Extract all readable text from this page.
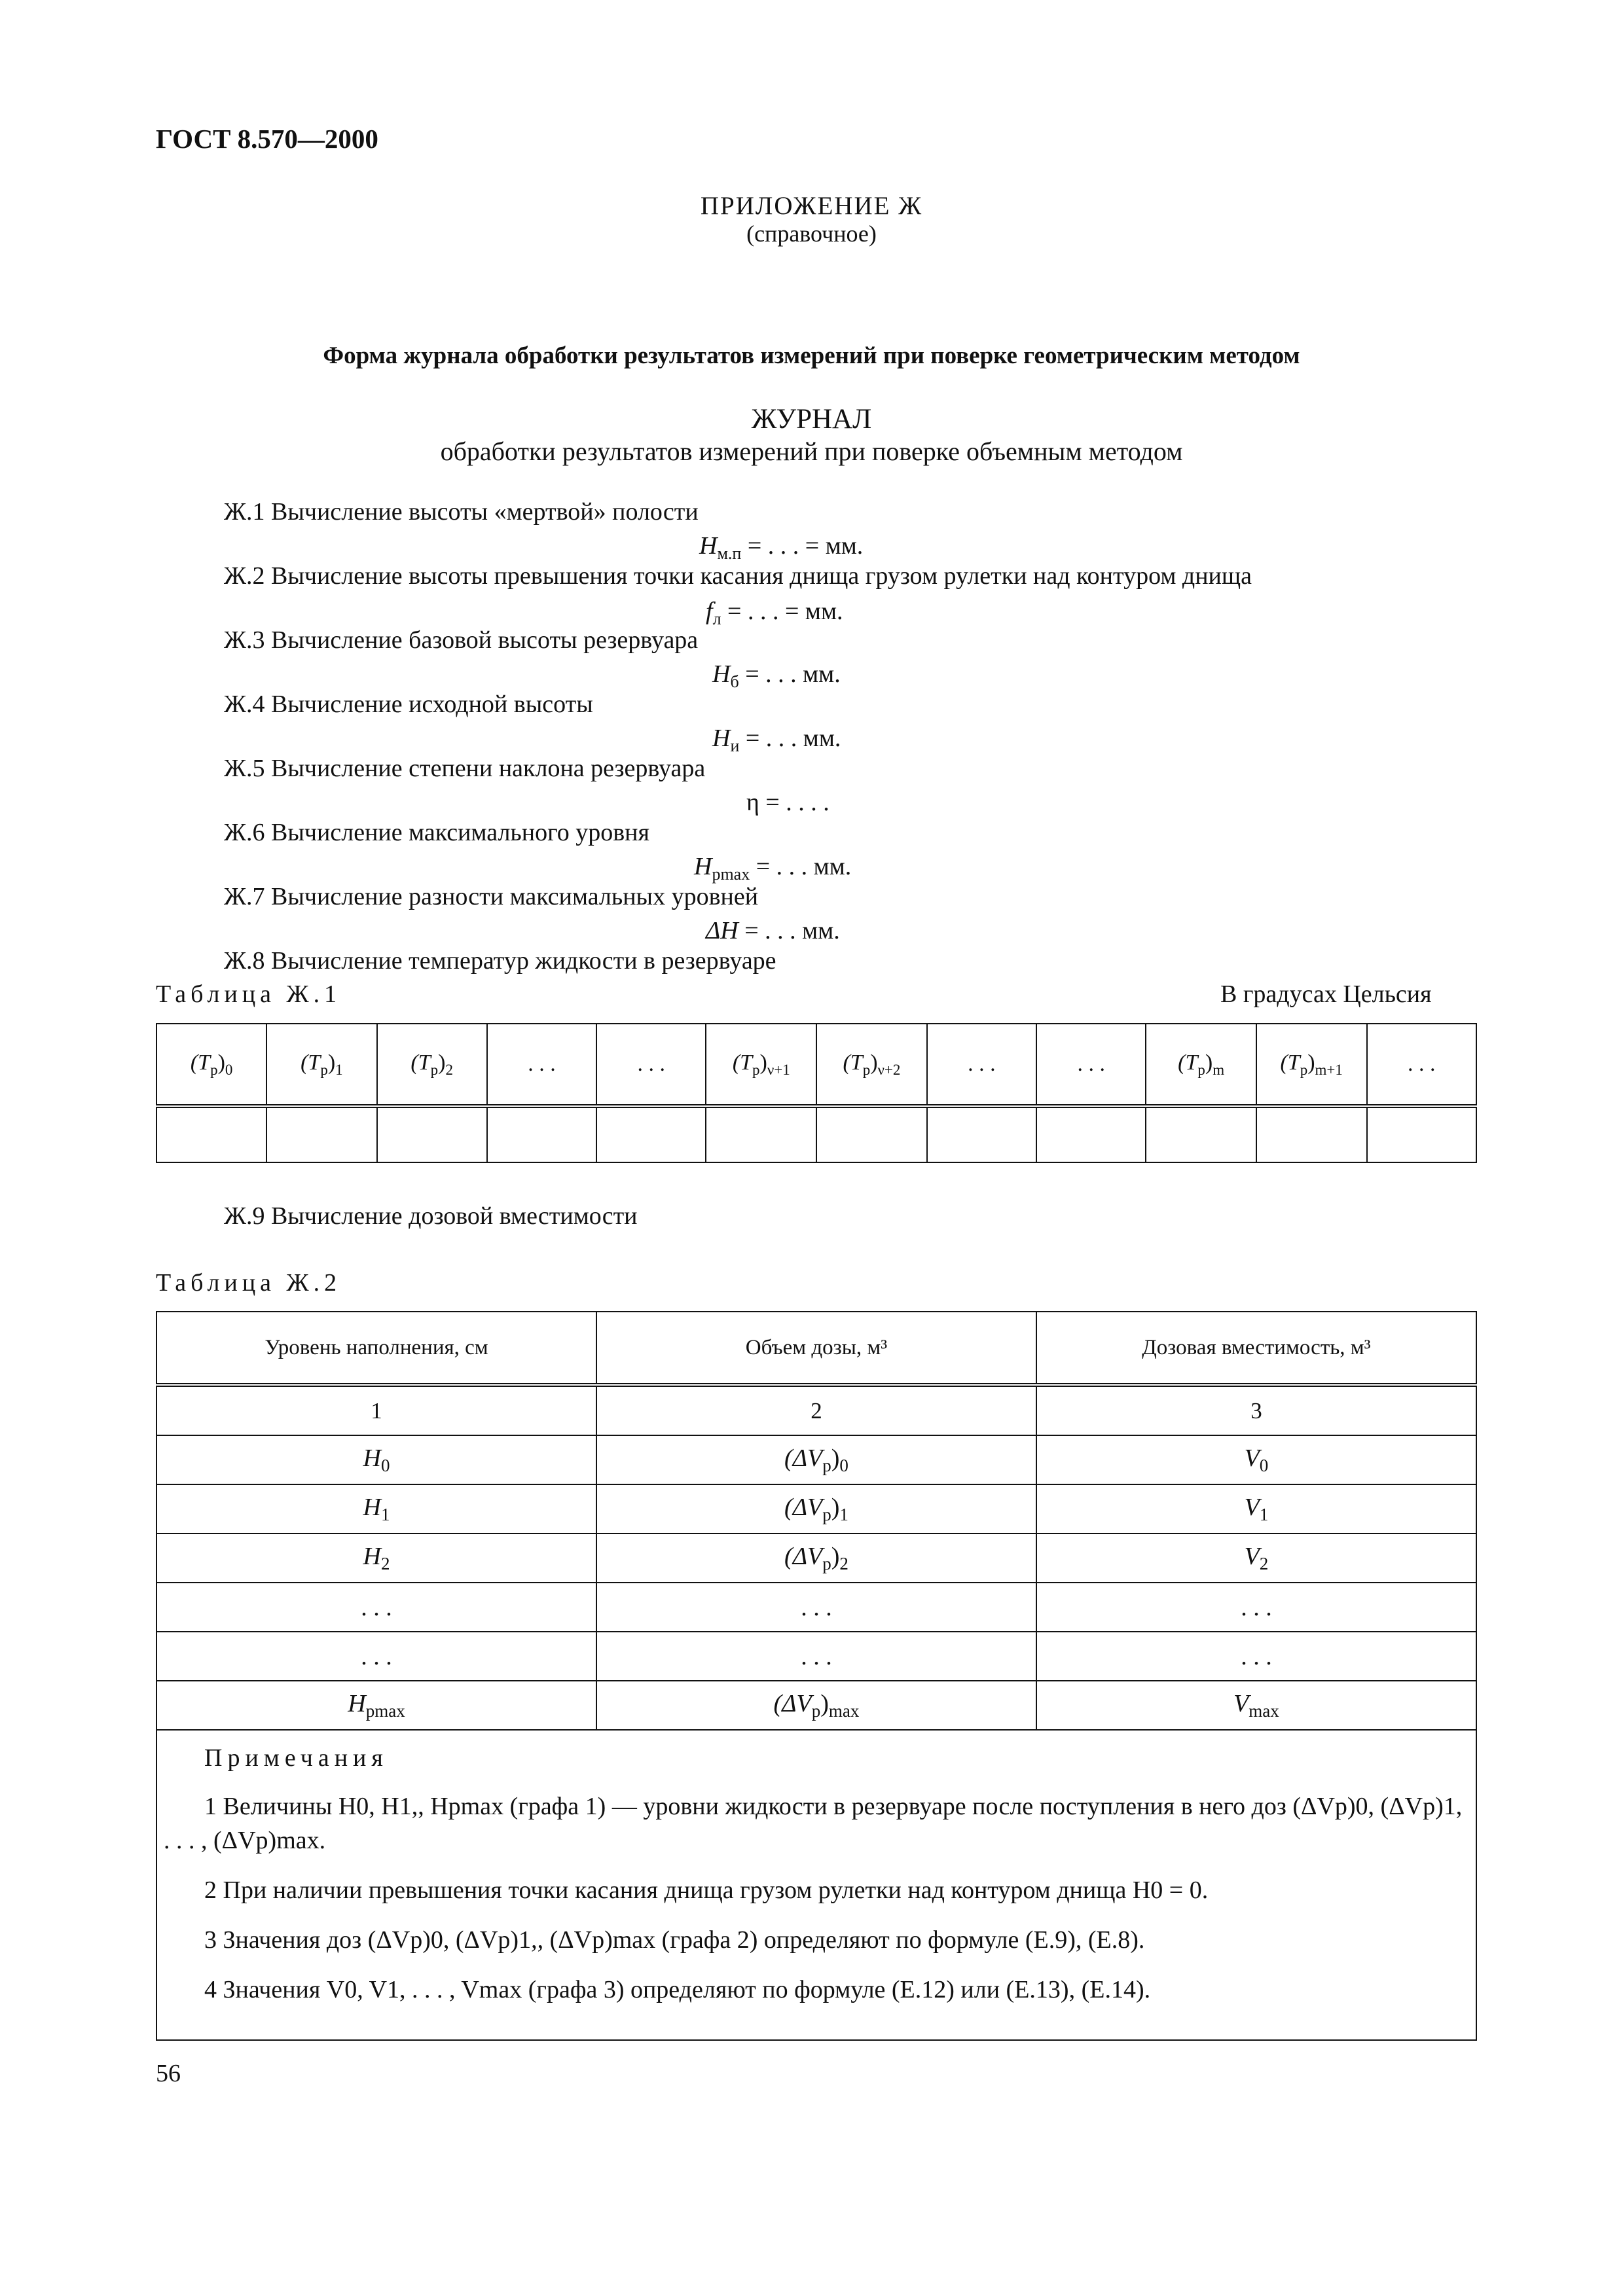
ГОСТ 8.570—2000
ПРИЛОЖЕНИЕ Ж
(справочное)
Форма журнала обработки результатов измерений при поверке геометрическим методом
ЖУРНАЛ
обработки результатов измерений при поверке объемным методом
Ж.1 Вычисление высоты «мертвой» полости
$H_{м.п}$ = . . . = мм.
Ж.2 Вычисление высоты превышения точки касания днища грузом рулетки над контуром днища
$f_л$ = . . . = мм.
Ж.3 Вычисление базовой высоты резервуара
$H_б$ = . . . мм.
Ж.4 Вычисление исходной высоты
$H_и$ = . . . мм.
Ж.5 Вычисление степени наклона резервуара
η = . . . .
Ж.6 Вычисление максимального уровня
$H_{pmax}$ = . . . мм.
Ж.7 Вычисление разности максимальных уровней
ΔH = . . . мм.
Ж.8 Вычисление температур жидкости в резервуаре
Таблица Ж.1	В градусах Цельсия
$(T_р)_0$	$(T_р)_1$	$(T_р)_2$	. . .	. . .	$(T_р)_{\nu+1}$	$(T_р)_{\nu+2}$	. . .	. . .	$(T_р)_m$	$(T_р)_{m+1}$	. . .

Ж.9 Вычисление дозовой вместимости
Таблица Ж.2
Уровень наполнения, см	Объем дозы, м³	Дозовая вместимость, м³
1	2	3
$H_0$	$(\Delta V_р)_0$	$V_0$
$H_1$	$(\Delta V_р)_1$	$V_1$
$H_2$	$(\Delta V_р)_2$	$V_2$
. . .	. . .	. . .
. . .	. . .	. . .
$H_{pmax}$	$(\Delta V_р)_{max}$	$V_{max}$

Примечания
1 Величины H0, H1,, Hpmax (графа 1) — уровни жидкости в резервуаре после поступления в него доз (ΔVр)0, (ΔVр)1, . . . , (ΔVр)max.
2 При наличии превышения точки касания днища грузом рулетки над контуром днища H0 = 0.
3 Значения доз (ΔVр)0, (ΔVр)1,, (ΔVр)max (графа 2) определяют по формуле (Е.9), (Е.8).
4 Значения V0, V1, . . . , Vmax (графа 3) определяют по формуле (Е.12) или (Е.13), (Е.14).		
56
